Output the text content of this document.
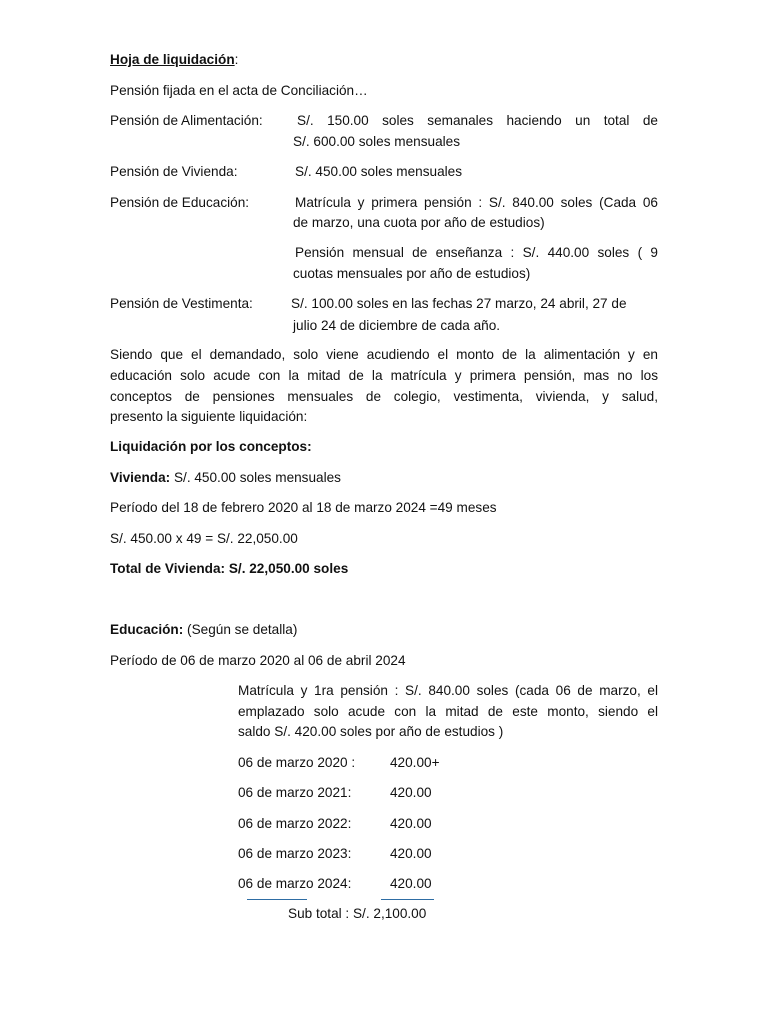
Hoja de liquidación:
Pensión fijada en el acta de Conciliación…
Pensión de Alimentación:	S/. 150.00 soles semanales haciendo un total de
S/. 600.00 soles mensuales
Pensión de Vivienda:	S/. 450.00 soles mensuales
Pensión de Educación:	Matrícula y primera pensión : S/. 840.00 soles (Cada 06
de marzo, una cuota por año de estudios)
Pensión mensual de enseñanza : S/. 440.00 soles ( 9
cuotas mensuales por año de estudios)
Pensión de Vestimenta:	S/. 100.00 soles en las fechas 27 marzo, 24 abril, 27 de
julio 24 de diciembre de cada año.
Siendo que el demandado, solo viene acudiendo el monto de la alimentación y en
educación solo acude con la mitad de la matrícula y primera pensión, mas no los
conceptos de pensiones mensuales de colegio, vestimenta, vivienda, y salud,
presento la siguiente liquidación:
Liquidación por los conceptos:
Vivienda: S/. 450.00 soles mensuales
Período del 18 de febrero 2020 al 18 de marzo 2024 =49 meses
S/. 450.00 x 49 = S/. 22,050.00
Total de Vivienda: S/. 22,050.00 soles
Educación: (Según se detalla)
Período de 06 de marzo 2020 al 06 de abril 2024
Matrícula y 1ra pensión : S/. 840.00 soles (cada 06 de marzo, el
emplazado solo acude con la mitad de este monto, siendo el
saldo S/. 420.00 soles por año de estudios )
06 de marzo 2020 :	420.00+
06 de marzo 2021:	420.00
06 de marzo 2022:	420.00
06 de marzo 2023:	420.00
06 de marzo 2024:	420.00
Sub total : S/. 2,100.00
